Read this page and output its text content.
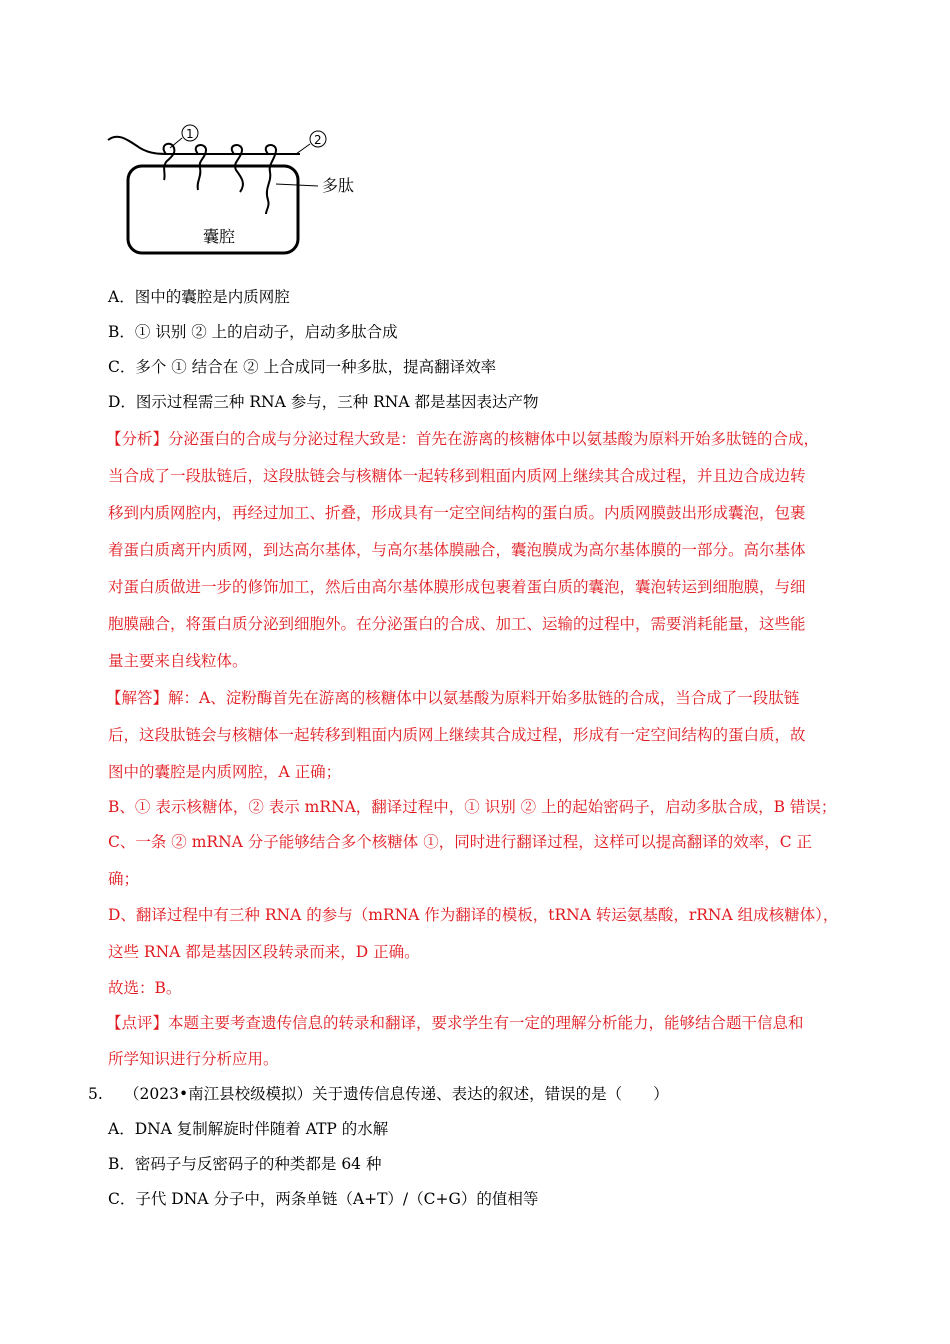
1	2
多肽
囊腔
A．图中的囊腔是内质网腔
B．① 识别 ② 上的启动子，启动多肽合成
C．多个 ① 结合在 ② 上合成同一种多肽，提高翻译效率
D．图示过程需三种 RNA 参与，三种 RNA 都是基因表达产物
【分析】分泌蛋白的合成与分泌过程大致是：首先在游离的核糖体中以氨基酸为原料开始多肽链的合成，
当合成了一段肽链后，这段肽链会与核糖体一起转移到粗面内质网上继续其合成过程，并且边合成边转
移到内质网腔内，再经过加工、折叠，形成具有一定空间结构的蛋白质。内质网膜鼓出形成囊泡，包裹
着蛋白质离开内质网，到达高尔基体，与高尔基体膜融合，囊泡膜成为高尔基体膜的一部分。高尔基体
对蛋白质做进一步的修饰加工，然后由高尔基体膜形成包裹着蛋白质的囊泡，囊泡转运到细胞膜，与细
胞膜融合，将蛋白质分泌到细胞外。在分泌蛋白的合成、加工、运输的过程中，需要消耗能量，这些能
量主要来自线粒体。
【解答】解：A、淀粉酶首先在游离的核糖体中以氨基酸为原料开始多肽链的合成，当合成了一段肽链
后，这段肽链会与核糖体一起转移到粗面内质网上继续其合成过程，形成有一定空间结构的蛋白质，故
图中的囊腔是内质网腔，A 正确；
B、① 表示核糖体，② 表示 mRNA，翻译过程中，① 识别 ② 上的起始密码子，启动多肽合成，B 错误；
C、一条 ② mRNA 分子能够结合多个核糖体 ①，同时进行翻译过程，这样可以提高翻译的效率，C 正
确；
D、翻译过程中有三种 RNA 的参与（mRNA 作为翻译的模板，tRNA 转运氨基酸，rRNA 组成核糖体），
这些 RNA 都是基因区段转录而来，D 正确。
故选：B。
【点评】本题主要考查遗传信息的转录和翻译，要求学生有一定的理解分析能力，能够结合题干信息和
所学知识进行分析应用。
5. （2023•南江县校级模拟）关于遗传信息传递、表达的叙述，错误的是（　　）
A．DNA 复制解旋时伴随着 ATP 的水解
B．密码子与反密码子的种类都是 64 种
C．子代 DNA 分子中，两条单链（A+T）/（C+G）的值相等
